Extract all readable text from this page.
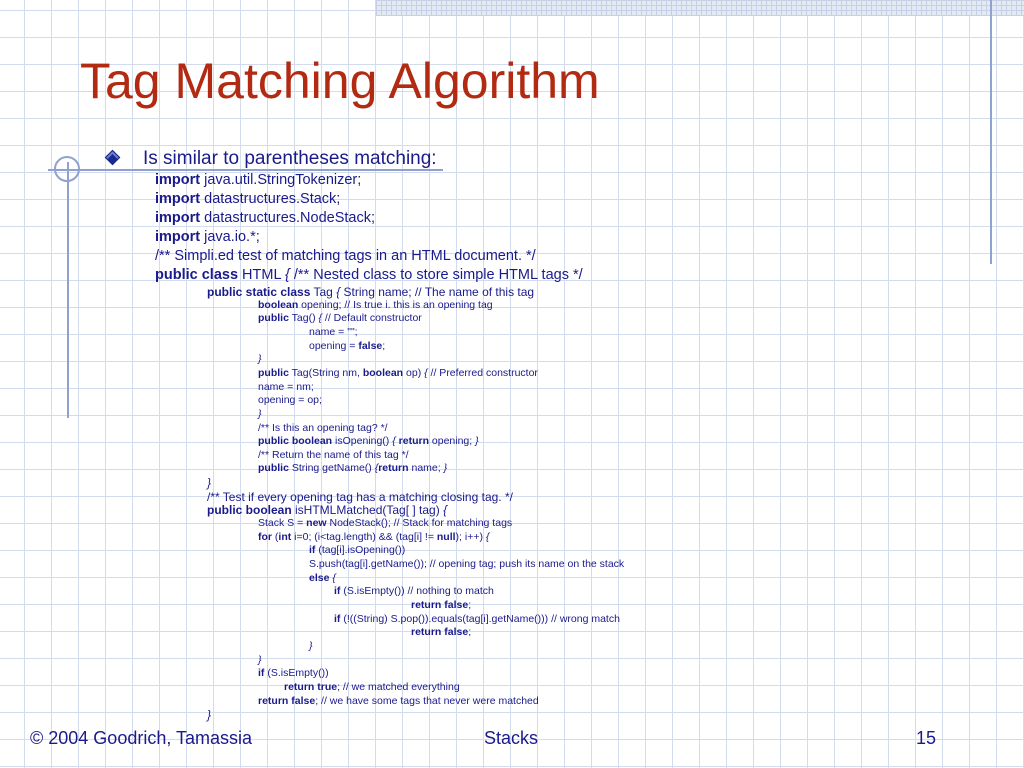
Tag Matching Algorithm
Is similar to parentheses matching:
import java.util.StringTokenizer;
import datastructures.Stack;
import datastructures.NodeStack;
import java.io.*;
/** Simpli.ed test of matching tags in an HTML document. */
public class HTML { /** Nested class to store simple HTML tags */
public static class Tag { String name; // The name of this tag
boolean opening; // Is true i. this is an opening tag
public Tag() { // Default constructor
name = "";
opening = false;
}
public Tag(String nm, boolean op) { // Preferred constructor
name = nm;
opening = op;
}
/** Is this an opening tag? */
public boolean isOpening() { return opening; }
/** Return the name of this tag */
public String getName() {return name; }
}
/** Test if every opening tag has a matching closing tag. */
public boolean isHTMLMatched(Tag[ ] tag) {
Stack S = new NodeStack(); // Stack for matching tags
for (int i=0; (i<tag.length) && (tag[i] != null); i++) {
if (tag[i].isOpening())
S.push(tag[i].getName()); // opening tag; push its name on the stack
else {
if (S.isEmpty()) // nothing to match
return false;
if (!((String) S.pop()).equals(tag[i].getName())) // wrong match
return false;
}
}
if (S.isEmpty())
return true; // we matched everything
return false; // we have some tags that never were matched
}
© 2004 Goodrich, Tamassia	Stacks	15
